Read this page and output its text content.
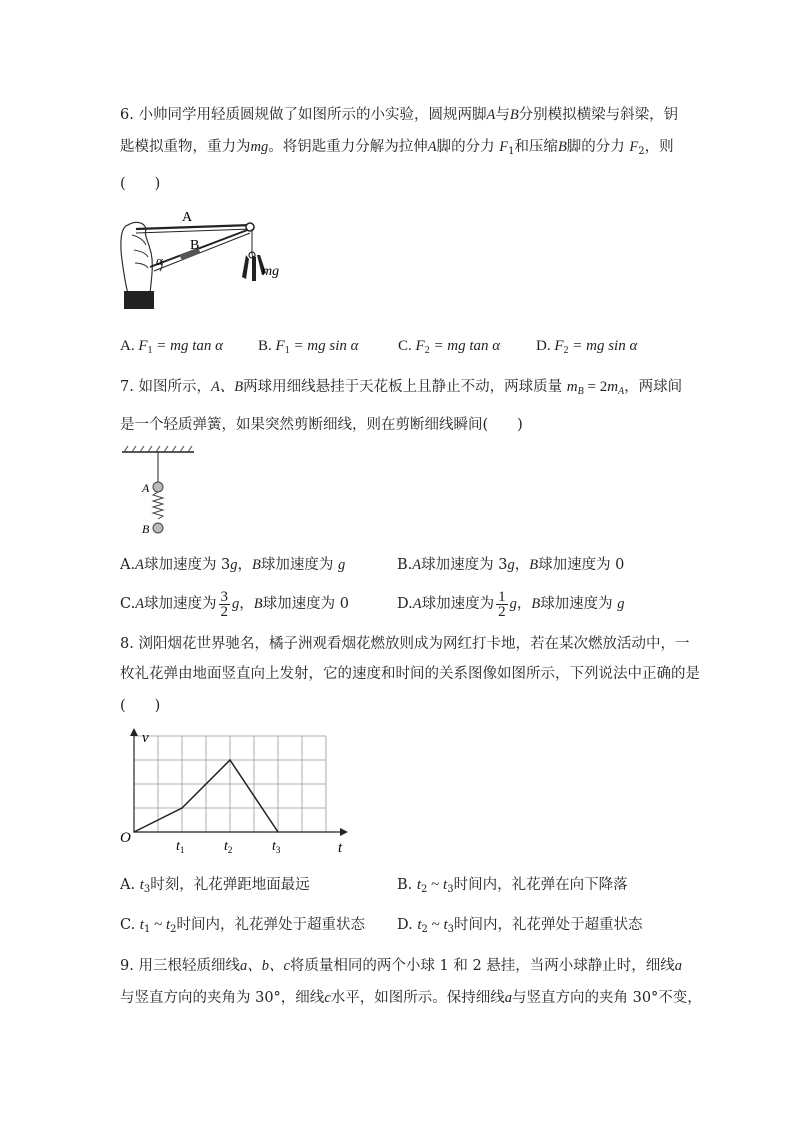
6. 小帅同学用轻质圆规做了如图所示的小实验，圆规两脚A与B分别模拟横梁与斜梁，钥
匙模拟重物，重力为mg。将钥匙重力分解为拉伸A脚的分力 $F_1$和压缩B脚的分力 $F_2$，则
(　　)
A
B
α
mg
A. $F_1$ = mg tan α B. $F_1$ = mg sin α	C. $F_2$ = mg tan α D. $F_2$ = mg sin α
7. 如图所示，A、B两球用细线悬挂于天花板上且静止不动，两球质量 $m_B = 2m_A$，两球间
是一个轻质弹簧，如果突然剪断细线，则在剪断细线瞬间(　　)
A
B
A.A球加速度为 3g，B球加速度为 g	B.A球加速度为 3g，B球加速度为 0
C.A球加速度为 $\frac{3}{2}$ g，B球加速度为 0	D.A球加速度为 $\frac{1}{2}$ g，B球加速度为 g
8. 浏阳烟花世界驰名，橘子洲观看烟花燃放则成为网红打卡地，若在某次燃放活动中，一
枚礼花弹由地面竖直向上发射，它的速度和时间的关系图像如图所示，下列说法中正确的是
(　　)
v
t
O
$t_1$	$t_2$	$t_3$
A. $t_3$时刻，礼花弹距地面最远	B. $t_2$ ~ $t_3$时间内，礼花弹在向下降落
C. $t_1$ ~ $t_2$时间内，礼花弹处于超重状态 D. $t_2$ ~ $t_3$时间内，礼花弹处于超重状态
9. 用三根轻质细线a、b、c将质量相同的两个小球 1 和 2 悬挂，当两小球静止时，细线a
与竖直方向的夹角为 30°，细线c水平，如图所示。保持细线a与竖直方向的夹角 30°不变，
